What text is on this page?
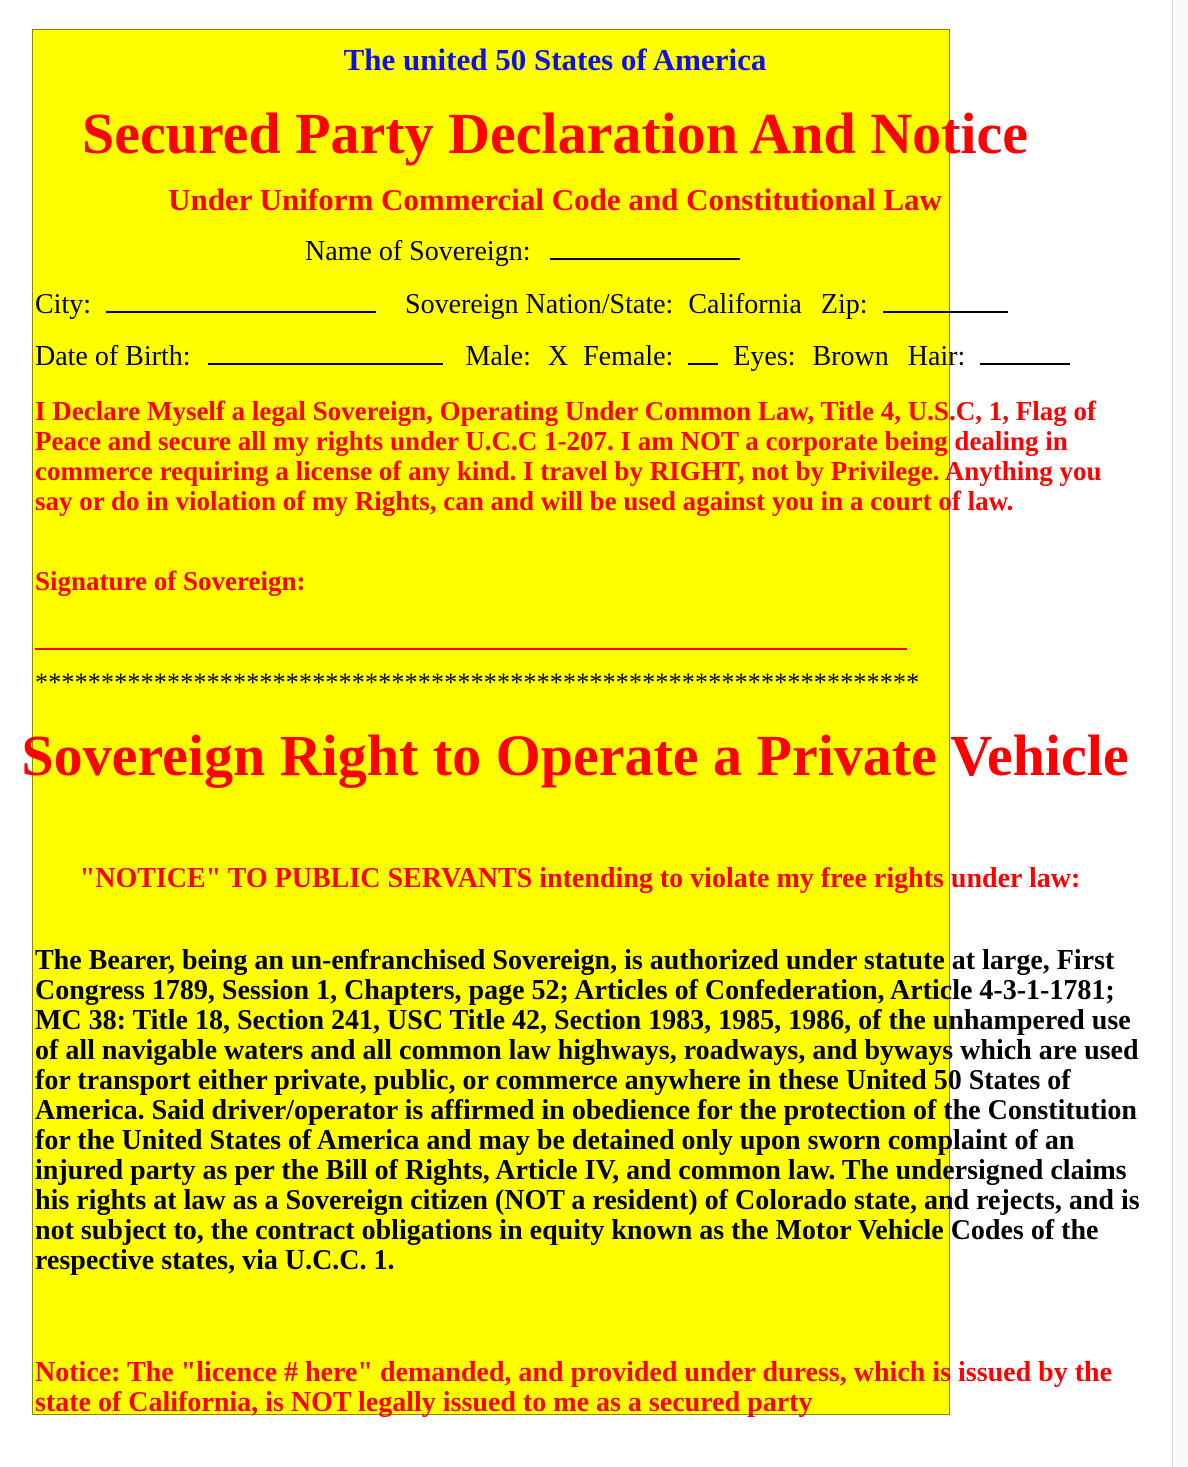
The united 50 States of America
Secured Party Declaration And Notice
Under Uniform Commercial Code and Constitutional Law
Name of Sovereign:
City:	Sovereign Nation/State: California Zip:
Date of Birth:	Male: X Female: Eyes: Brown Hair:
I Declare Myself a legal Sovereign, Operating Under Common Law, Title 4, U.S.C, 1, Flag of Peace and secure all my rights under U.C.C 1-207. I am NOT a corporate being dealing in commerce requiring a license of any kind. I travel by RIGHT, not by Privilege. Anything you say or do in violation of my Rights, can and will be used against you in a court of law.
Signature of Sovereign:
*******************************************************************
Sovereign Right to Operate a Private Vehicle
"NOTICE" TO PUBLIC SERVANTS intending to violate my free rights under law:
The Bearer, being an un-enfranchised Sovereign, is authorized under statute at large, First Congress 1789, Session 1, Chapters, page 52; Articles of Confederation, Article 4-3-1-1781; MC 38: Title 18, Section 241, USC Title 42, Section 1983, 1985, 1986, of the unhampered use of all navigable waters and all common law highways, roadways, and byways which are used for transport either private, public, or commerce anywhere in these United 50 States of America. Said driver/operator is affirmed in obedience for the protection of the Constitution for the United States of America and may be detained only upon sworn complaint of an injured party as per the Bill of Rights, Article IV, and common law. The undersigned claims his rights at law as a Sovereign citizen (NOT a resident) of Colorado state, and rejects, and is not subject to, the contract obligations in equity known as the Motor Vehicle Codes of the respective states, via U.C.C. 1.
Notice: The "licence # here" demanded, and provided under duress, which is issued by the state of California, is NOT legally issued to me as a secured party
